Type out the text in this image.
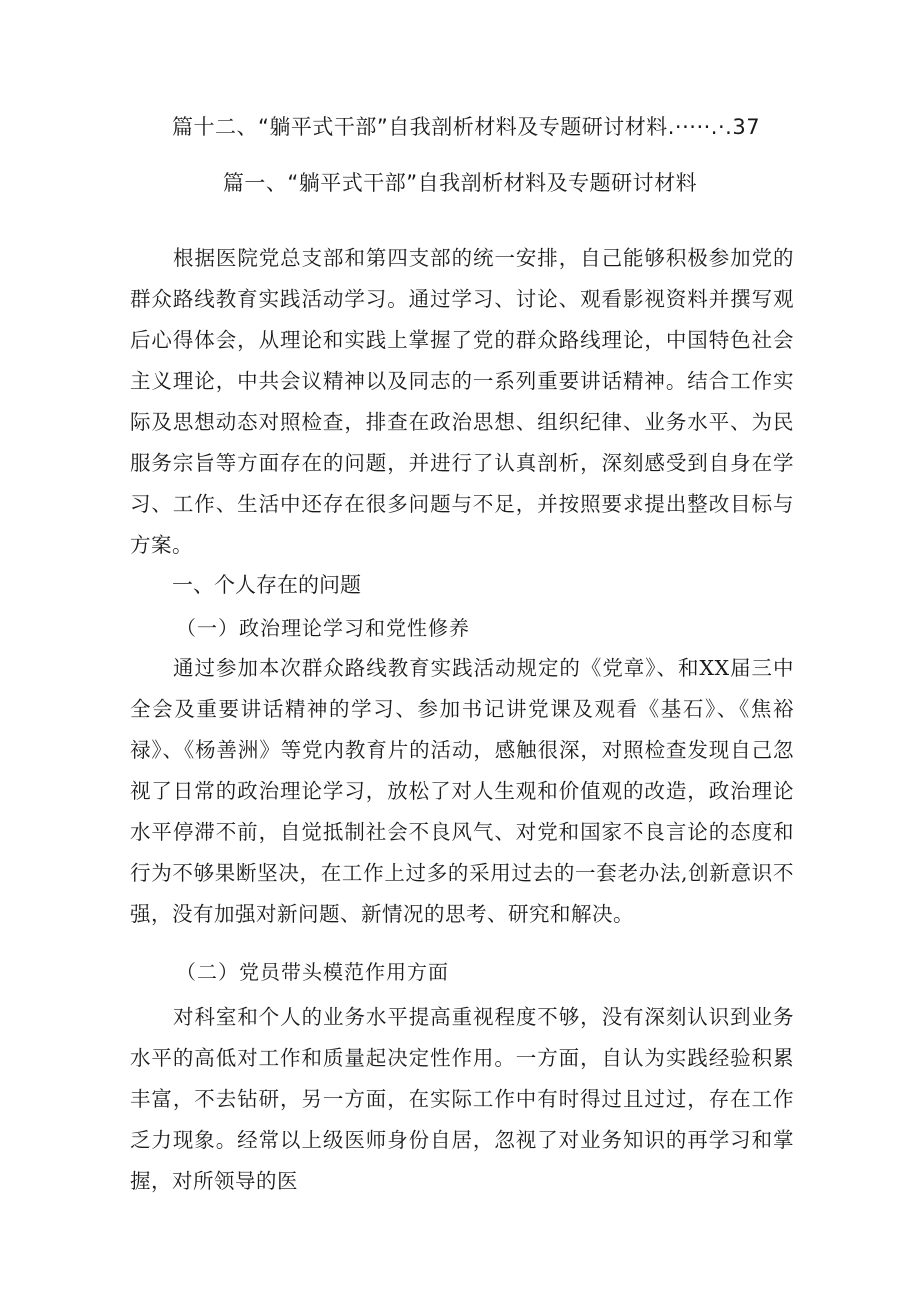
篇十二、“躺平式干部”自我剖析材料及专题研讨材料.·····.·.37
篇一、“躺平式干部”自我剖析材料及专题研讨材料

根据医院党总支部和第四支部的统一安排，自己能够积极参加党的群众路线教育实践活动学习。通过学习、讨论、观看影视资料并撰写观后心得体会，从理论和实践上掌握了党的群众路线理论，中国特色社会主义理论，中共会议精神以及同志的一系列重要讲话精神。结合工作实际及思想动态对照检查，排查在政治思想、组织纪律、业务水平、为民服务宗旨等方面存在的问题，并进行了认真剖析，深刻感受到自身在学习、工作、生活中还存在很多问题与不足，并按照要求提出整改目标与方案。

一、个人存在的问题
（一）政治理论学习和党性修养

通过参加本次群众路线教育实践活动规定的《党章》、和XX届三中全会及重要讲话精神的学习、参加书记讲党课及观看《基石》、《焦裕禄》、《杨善洲》等党内教育片的活动，感触很深，对照检查发现自己忽视了日常的政治理论学习，放松了对人生观和价值观的改造，政治理论水平停滞不前，自觉抵制社会不良风气、对党和国家不良言论的态度和行为不够果断坚决，在工作上过多的采用过去的一套老办法,创新意识不强，没有加强对新问题、新情况的思考、研究和解决。

（二）党员带头模范作用方面

对科室和个人的业务水平提高重视程度不够，没有深刻认识到业务水平的高低对工作和质量起决定性作用。一方面，自认为实践经验积累丰富，不去钻研，另一方面，在实际工作中有时得过且过过，存在工作乏力现象。经常以上级医师身份自居，忽视了对业务知识的再学习和掌握，对所领导的医
